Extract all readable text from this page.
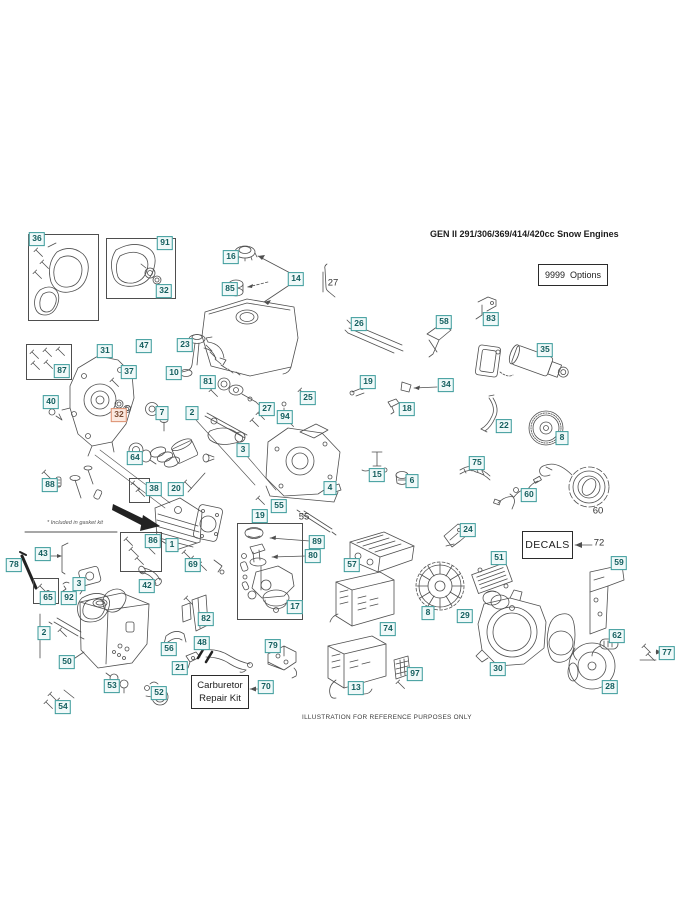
GEN II 291/306/369/414/420cc Snow Engines
9999  Options
DECALS
Carburetor
Repair Kit
* Included in gasket kit
ILLUSTRATION FOR REFERENCE PURPOSES ONLY
36	91
32
16
85
14
26	58	83
35
19	34
18
22
8
31	47	23
87	37	10
81
40
32	7	2
25
27
94
64
3
4
88	38	20
55
19
15
6
75
60
24
86	1
43
78	69
89
80
17
65	92
3	42
82
2
50
53
54
52
21
56
48	79
70
57
74
13
97
8	29
51
30
59
62
77
28
27
55
60
72
